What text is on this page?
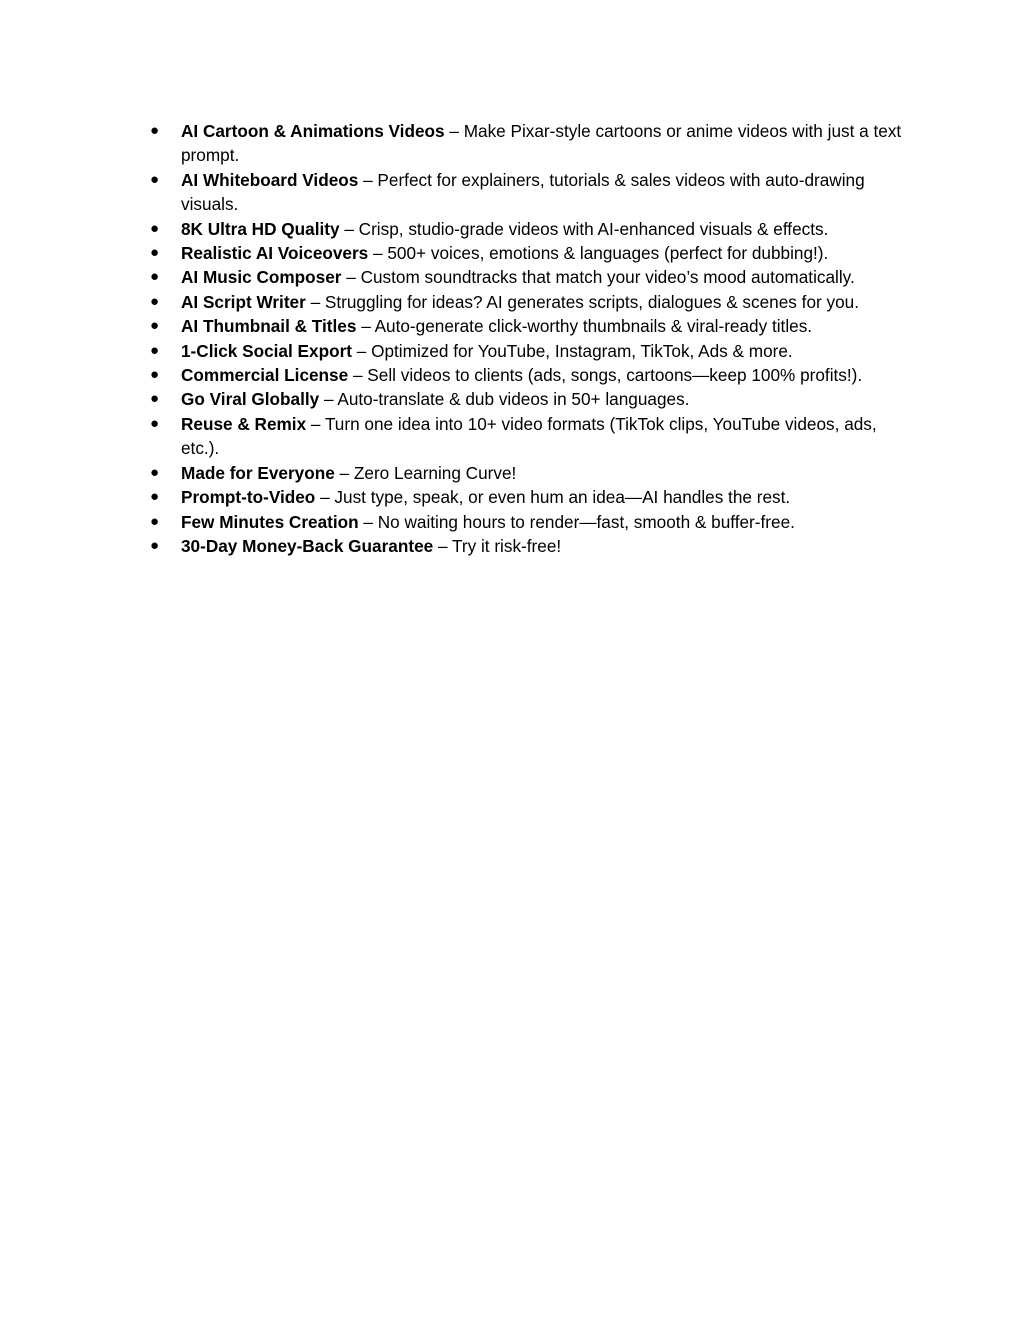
● AI Cartoon & Animations Videos – Make Pixar-style cartoons or anime videos with just a text prompt.
● AI Whiteboard Videos – Perfect for explainers, tutorials & sales videos with auto-drawing visuals.
● 8K Ultra HD Quality – Crisp, studio-grade videos with AI-enhanced visuals & effects.
● Realistic AI Voiceovers – 500+ voices, emotions & languages (perfect for dubbing!).
● AI Music Composer – Custom soundtracks that match your video’s mood automatically.
● AI Script Writer – Struggling for ideas? AI generates scripts, dialogues & scenes for you.
● AI Thumbnail & Titles – Auto-generate click-worthy thumbnails & viral-ready titles.
● 1-Click Social Export – Optimized for YouTube, Instagram, TikTok, Ads & more.
● Commercial License – Sell videos to clients (ads, songs, cartoons—keep 100% profits!).
● Go Viral Globally – Auto-translate & dub videos in 50+ languages.
● Reuse & Remix – Turn one idea into 10+ video formats (TikTok clips, YouTube videos, ads, etc.).
● Made for Everyone – Zero Learning Curve!
● Prompt-to-Video – Just type, speak, or even hum an idea—AI handles the rest.
● Few Minutes Creation – No waiting hours to render—fast, smooth & buffer-free.
● 30-Day Money-Back Guarantee – Try it risk-free!
